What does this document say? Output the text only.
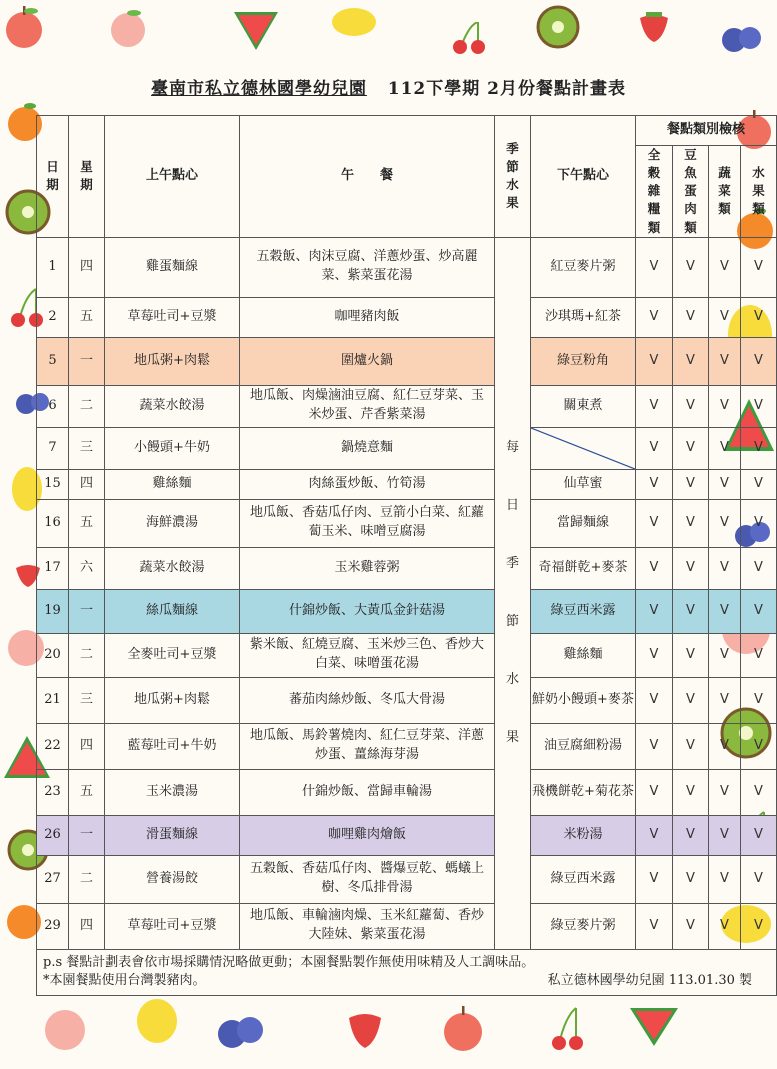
臺南市私立德林國學幼兒園 112下學期 2月份餐點計畫表
日期	星期	上午點心	午　　餐	季節水果	下午點心	餐點類別檢核			
						全穀雜糧類	豆魚蛋肉類	蔬菜類	水果類
1	四	雞蛋麵線	五穀飯、肉沫豆腐、洋蔥炒蛋、炒高麗菜、紫菜蛋花湯	每日季節水果	紅豆麥片粥	V	V	V	V
2	五	草莓吐司+豆漿	咖哩豬肉飯		沙琪瑪+紅茶	V	V	V	V
5	一	地瓜粥+肉鬆	圍爐火鍋		綠豆粉角	V	V	V	V
6	二	蔬菜水餃湯	地瓜飯、肉燥滷油豆腐、紅仁豆芽菜、玉米炒蛋、芹香紫菜湯		關東煮	V	V	V	V
7	三	小饅頭+牛奶	鍋燒意麵			V	V	V	V
15	四	雞絲麵	肉絲蛋炒飯、竹筍湯		仙草蜜	V	V	V	V
16	五	海鮮濃湯	地瓜飯、香菇瓜仔肉、豆箭小白菜、紅蘿蔔玉米、味噌豆腐湯		當歸麵線	V	V	V	V
17	六	蔬菜水餃湯	玉米雞蓉粥		奇福餅乾+麥茶	V	V	V	V
19	一	絲瓜麵線	什錦炒飯、大黃瓜金針菇湯		綠豆西米露	V	V	V	V
20	二	全麥吐司+豆漿	紫米飯、紅燒豆腐、玉米炒三色、香炒大白菜、味噌蛋花湯		雞絲麵	V	V	V	V
21	三	地瓜粥+肉鬆	蕃茄肉絲炒飯、冬瓜大骨湯		鮮奶小饅頭+麥茶	V	V	V	V
22	四	藍莓吐司+牛奶	地瓜飯、馬鈴薯燒肉、紅仁豆芽菜、洋蔥炒蛋、薑絲海芽湯		油豆腐細粉湯	V	V	V	V
23	五	玉米濃湯	什錦炒飯、當歸車輪湯		飛機餅乾+菊花茶	V	V	V	V
26	一	滑蛋麵線	咖哩雞肉燴飯		米粉湯	V	V	V	V
27	二	營養湯餃	五穀飯、香菇瓜仔肉、醬爆豆乾、螞蟻上樹、冬瓜排骨湯		綠豆西米露	V	V	V	V
29	四	草莓吐司+豆漿	地瓜飯、車輪滷肉燥、玉米紅蘿蔔、香炒大陸妹、紫菜蛋花湯		綠豆麥片粥	V	V	V	V

p.s 餐點計劃表會依市場採購情況略做更動；本園餐點製作無使用味精及人工調味品。
*本園餐點使用台灣製豬肉。 私立德林國學幼兒園 113.01.30 製									
